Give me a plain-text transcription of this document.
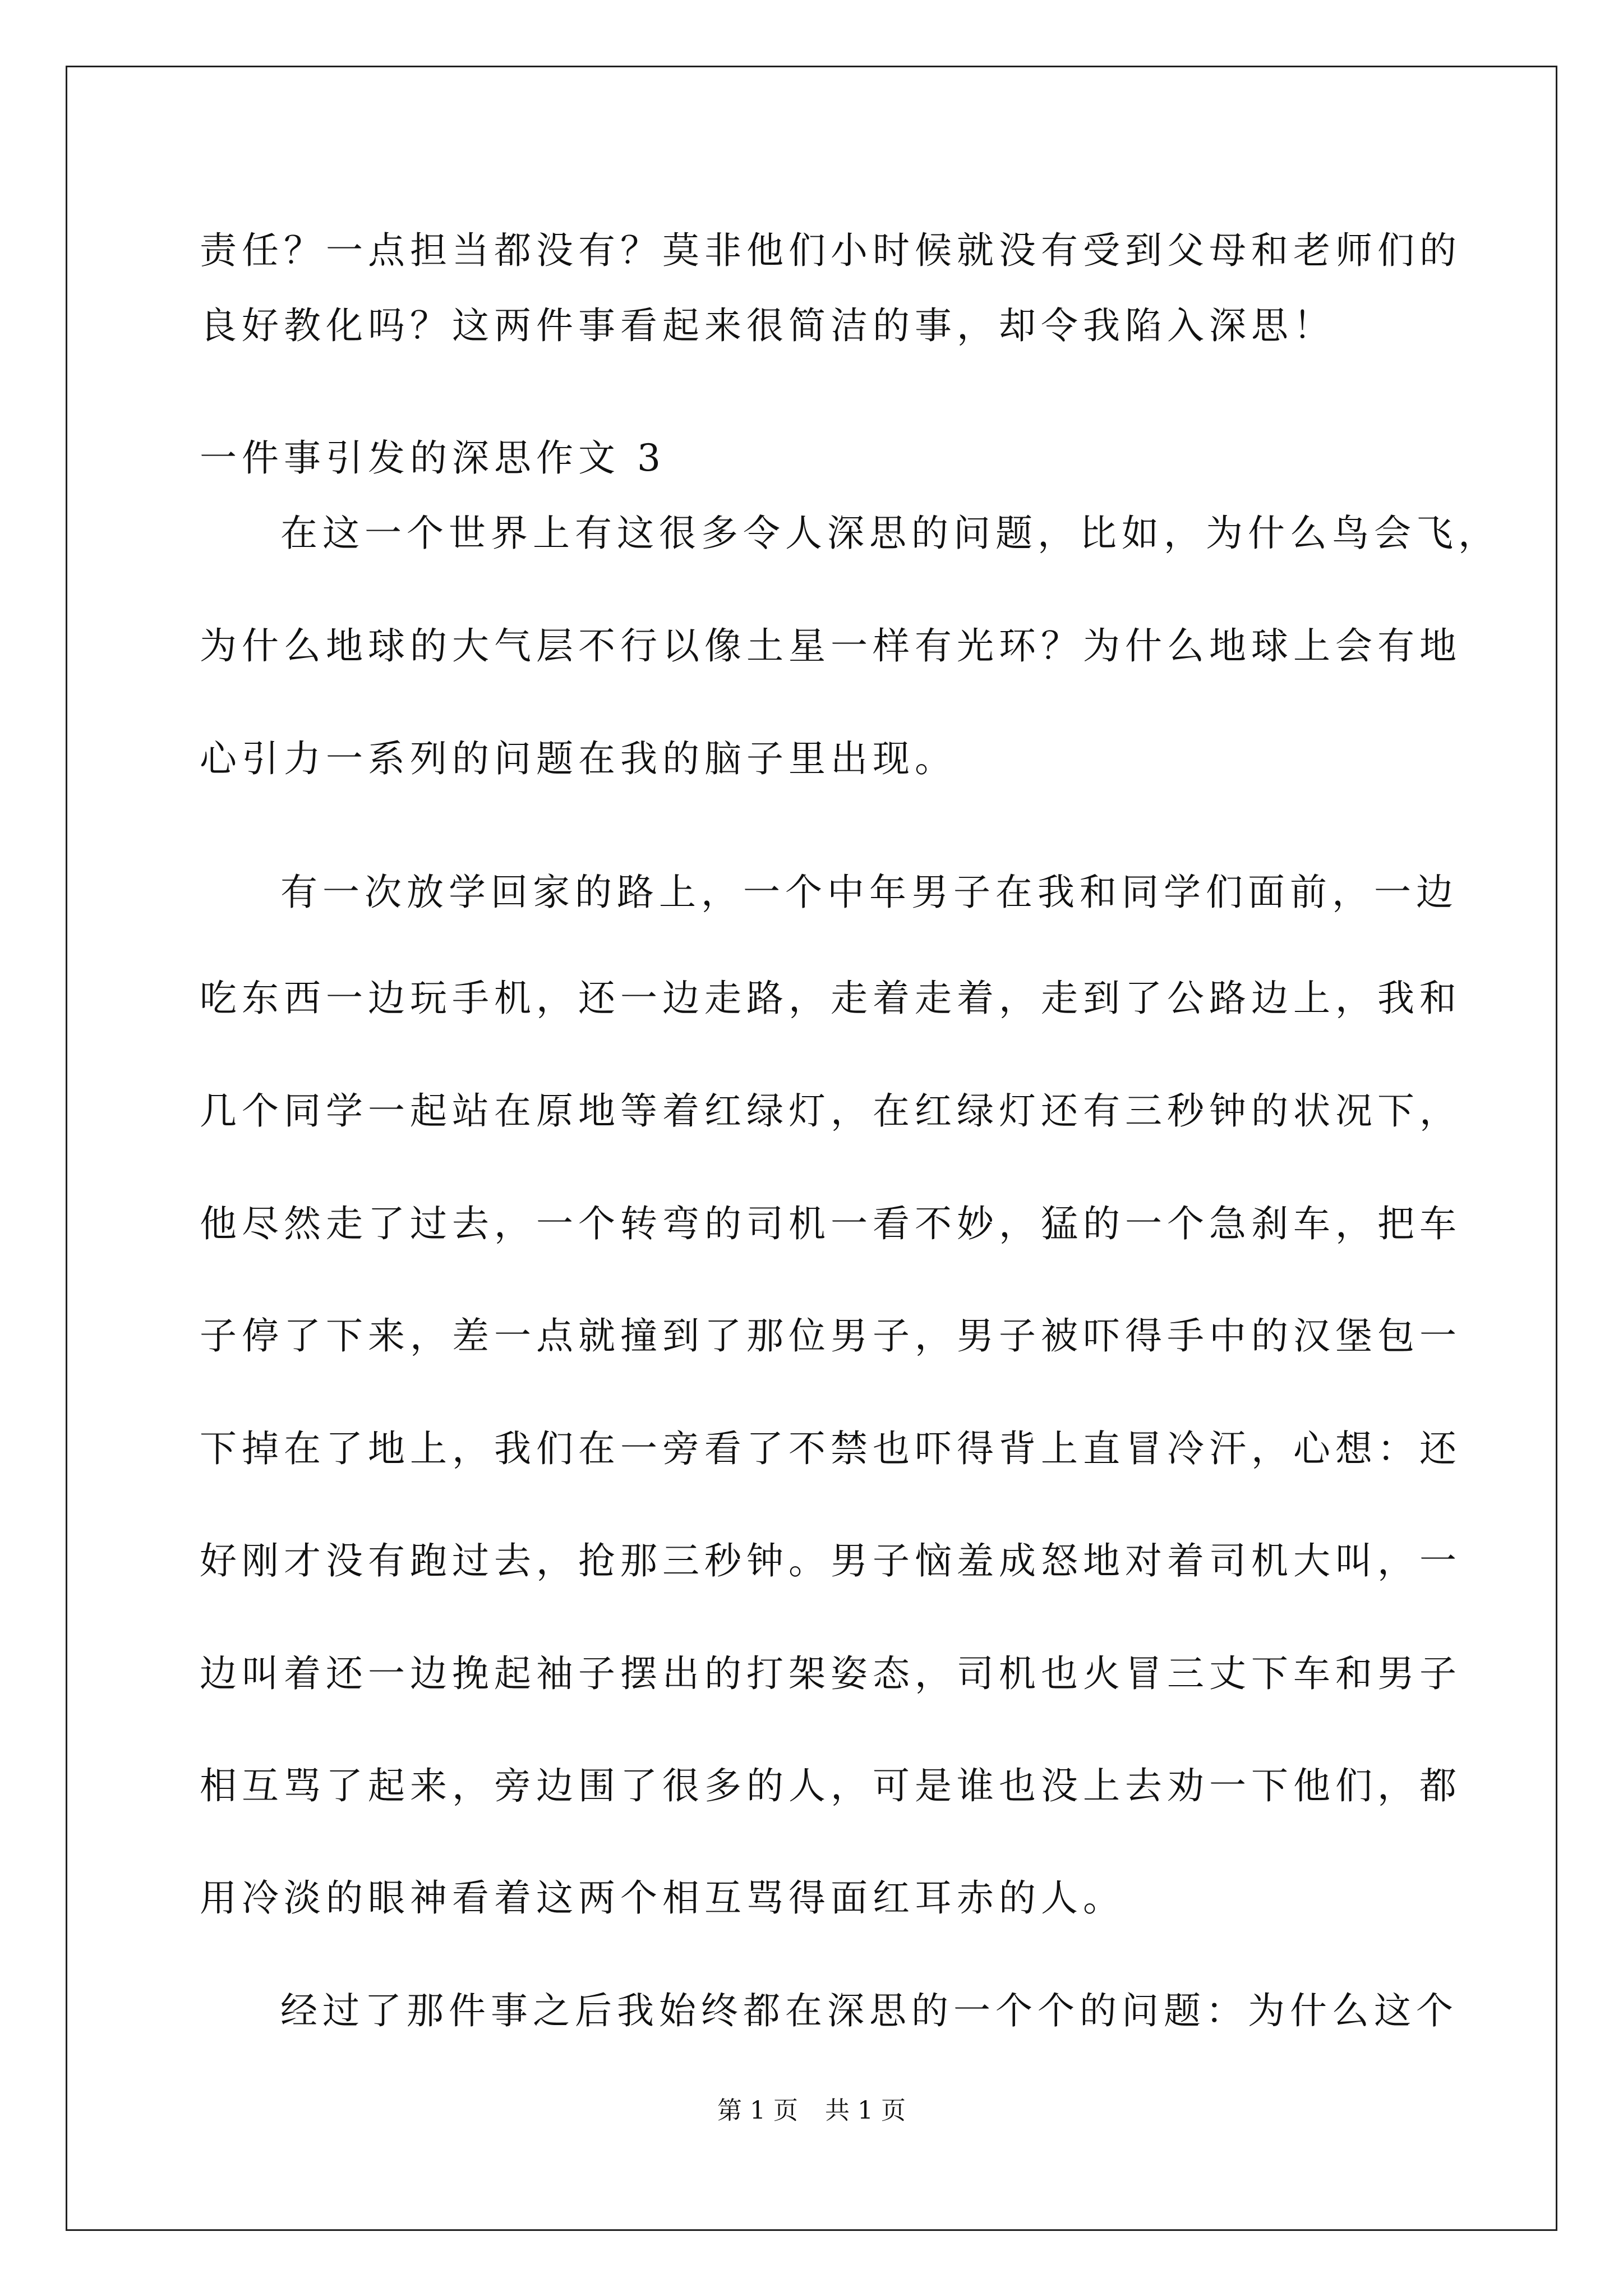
责任？一点担当都没有？莫非他们小时候就没有受到父母和老师们的
良好教化吗？这两件事看起来很简洁的事，却令我陷入深思！
一件事引发的深思作文 3
在这一个世界上有这很多令人深思的问题，比如，为什么鸟会飞，
为什么地球的大气层不行以像土星一样有光环？为什么地球上会有地
心引力一系列的问题在我的脑子里出现。
有一次放学回家的路上，一个中年男子在我和同学们面前，一边
吃东西一边玩手机，还一边走路，走着走着，走到了公路边上，我和
几个同学一起站在原地等着红绿灯，在红绿灯还有三秒钟的状况下，
他尽然走了过去，一个转弯的司机一看不妙，猛的一个急刹车，把车
子停了下来，差一点就撞到了那位男子，男子被吓得手中的汉堡包一
下掉在了地上，我们在一旁看了不禁也吓得背上直冒冷汗，心想：还
好刚才没有跑过去，抢那三秒钟。男子恼羞成怒地对着司机大叫，一
边叫着还一边挽起袖子摆出的打架姿态，司机也火冒三丈下车和男子
相互骂了起来，旁边围了很多的人，可是谁也没上去劝一下他们，都
用冷淡的眼神看着这两个相互骂得面红耳赤的人。
经过了那件事之后我始终都在深思的一个个的问题：为什么这个
第 1 页 共 1 页
